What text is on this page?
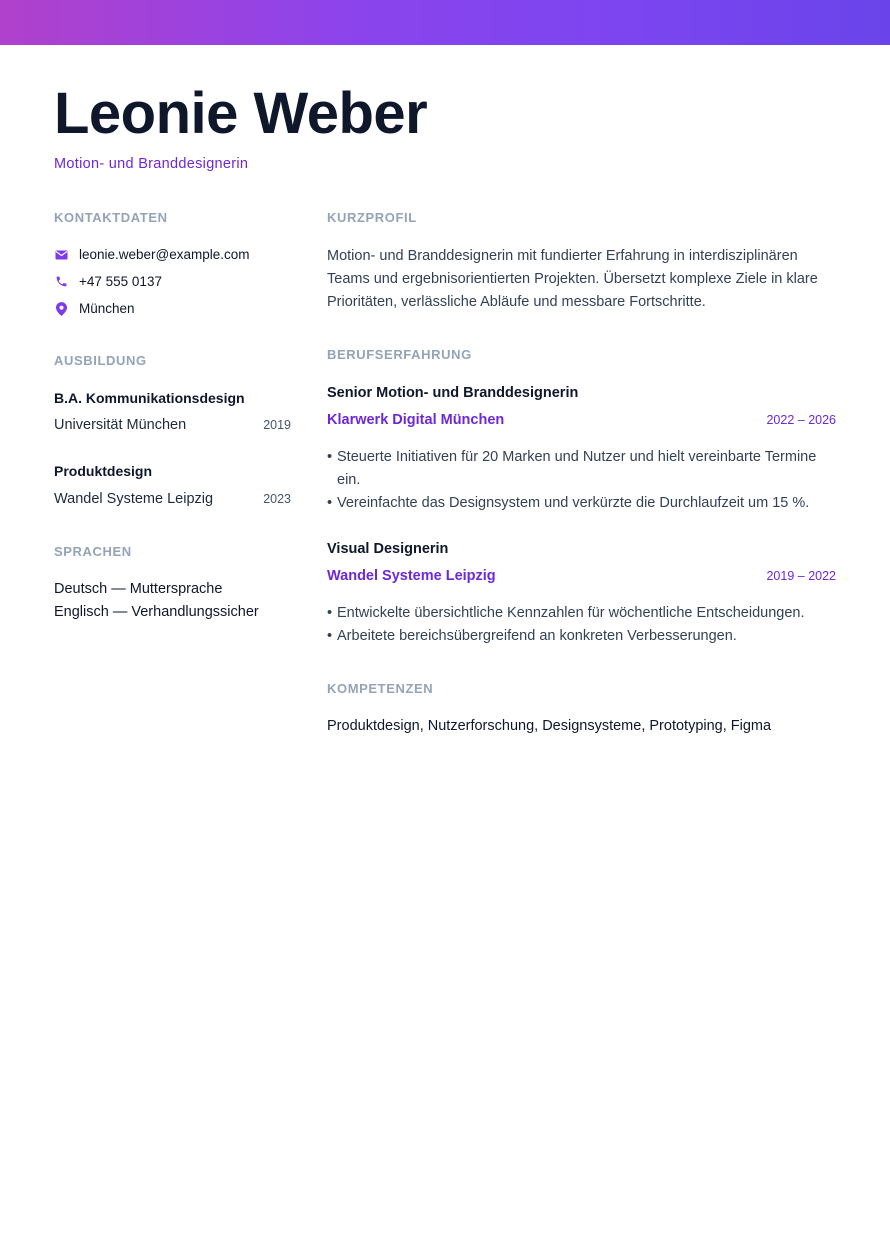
Leonie Weber
Motion- und Branddesignerin
KONTAKTDATEN
leonie.weber@example.com
+47 555 0137
München
AUSBILDUNG
B.A. Kommunikationsdesign
Universität München	2019
Produktdesign
Wandel Systeme Leipzig	2023
SPRACHEN
Deutsch — Muttersprache
Englisch — Verhandlungssicher
KURZPROFIL

Motion- und Branddesignerin mit fundierter Erfahrung in interdisziplinären
Teams und ergebnisorientierten Projekten. Übersetzt komplexe Ziele in klare
Prioritäten, verlässliche Abläufe und messbare Fortschritte.

BERUFSERFAHRUNG
Senior Motion- und Branddesignerin
Klarwerk Digital München	2022 – 2026
• Steuerte Initiativen für 20 Marken und Nutzer und hielt vereinbarte Termine ein.
• Vereinfachte das Designsystem und verkürzte die Durchlaufzeit um 15 %.
Visual Designerin
Wandel Systeme Leipzig	2019 – 2022
• Entwickelte übersichtliche Kennzahlen für wöchentliche Entscheidungen.
• Arbeitete bereichsübergreifend an konkreten Verbesserungen.
KOMPETENZEN
Produktdesign, Nutzerforschung, Designsysteme, Prototyping, Figma
